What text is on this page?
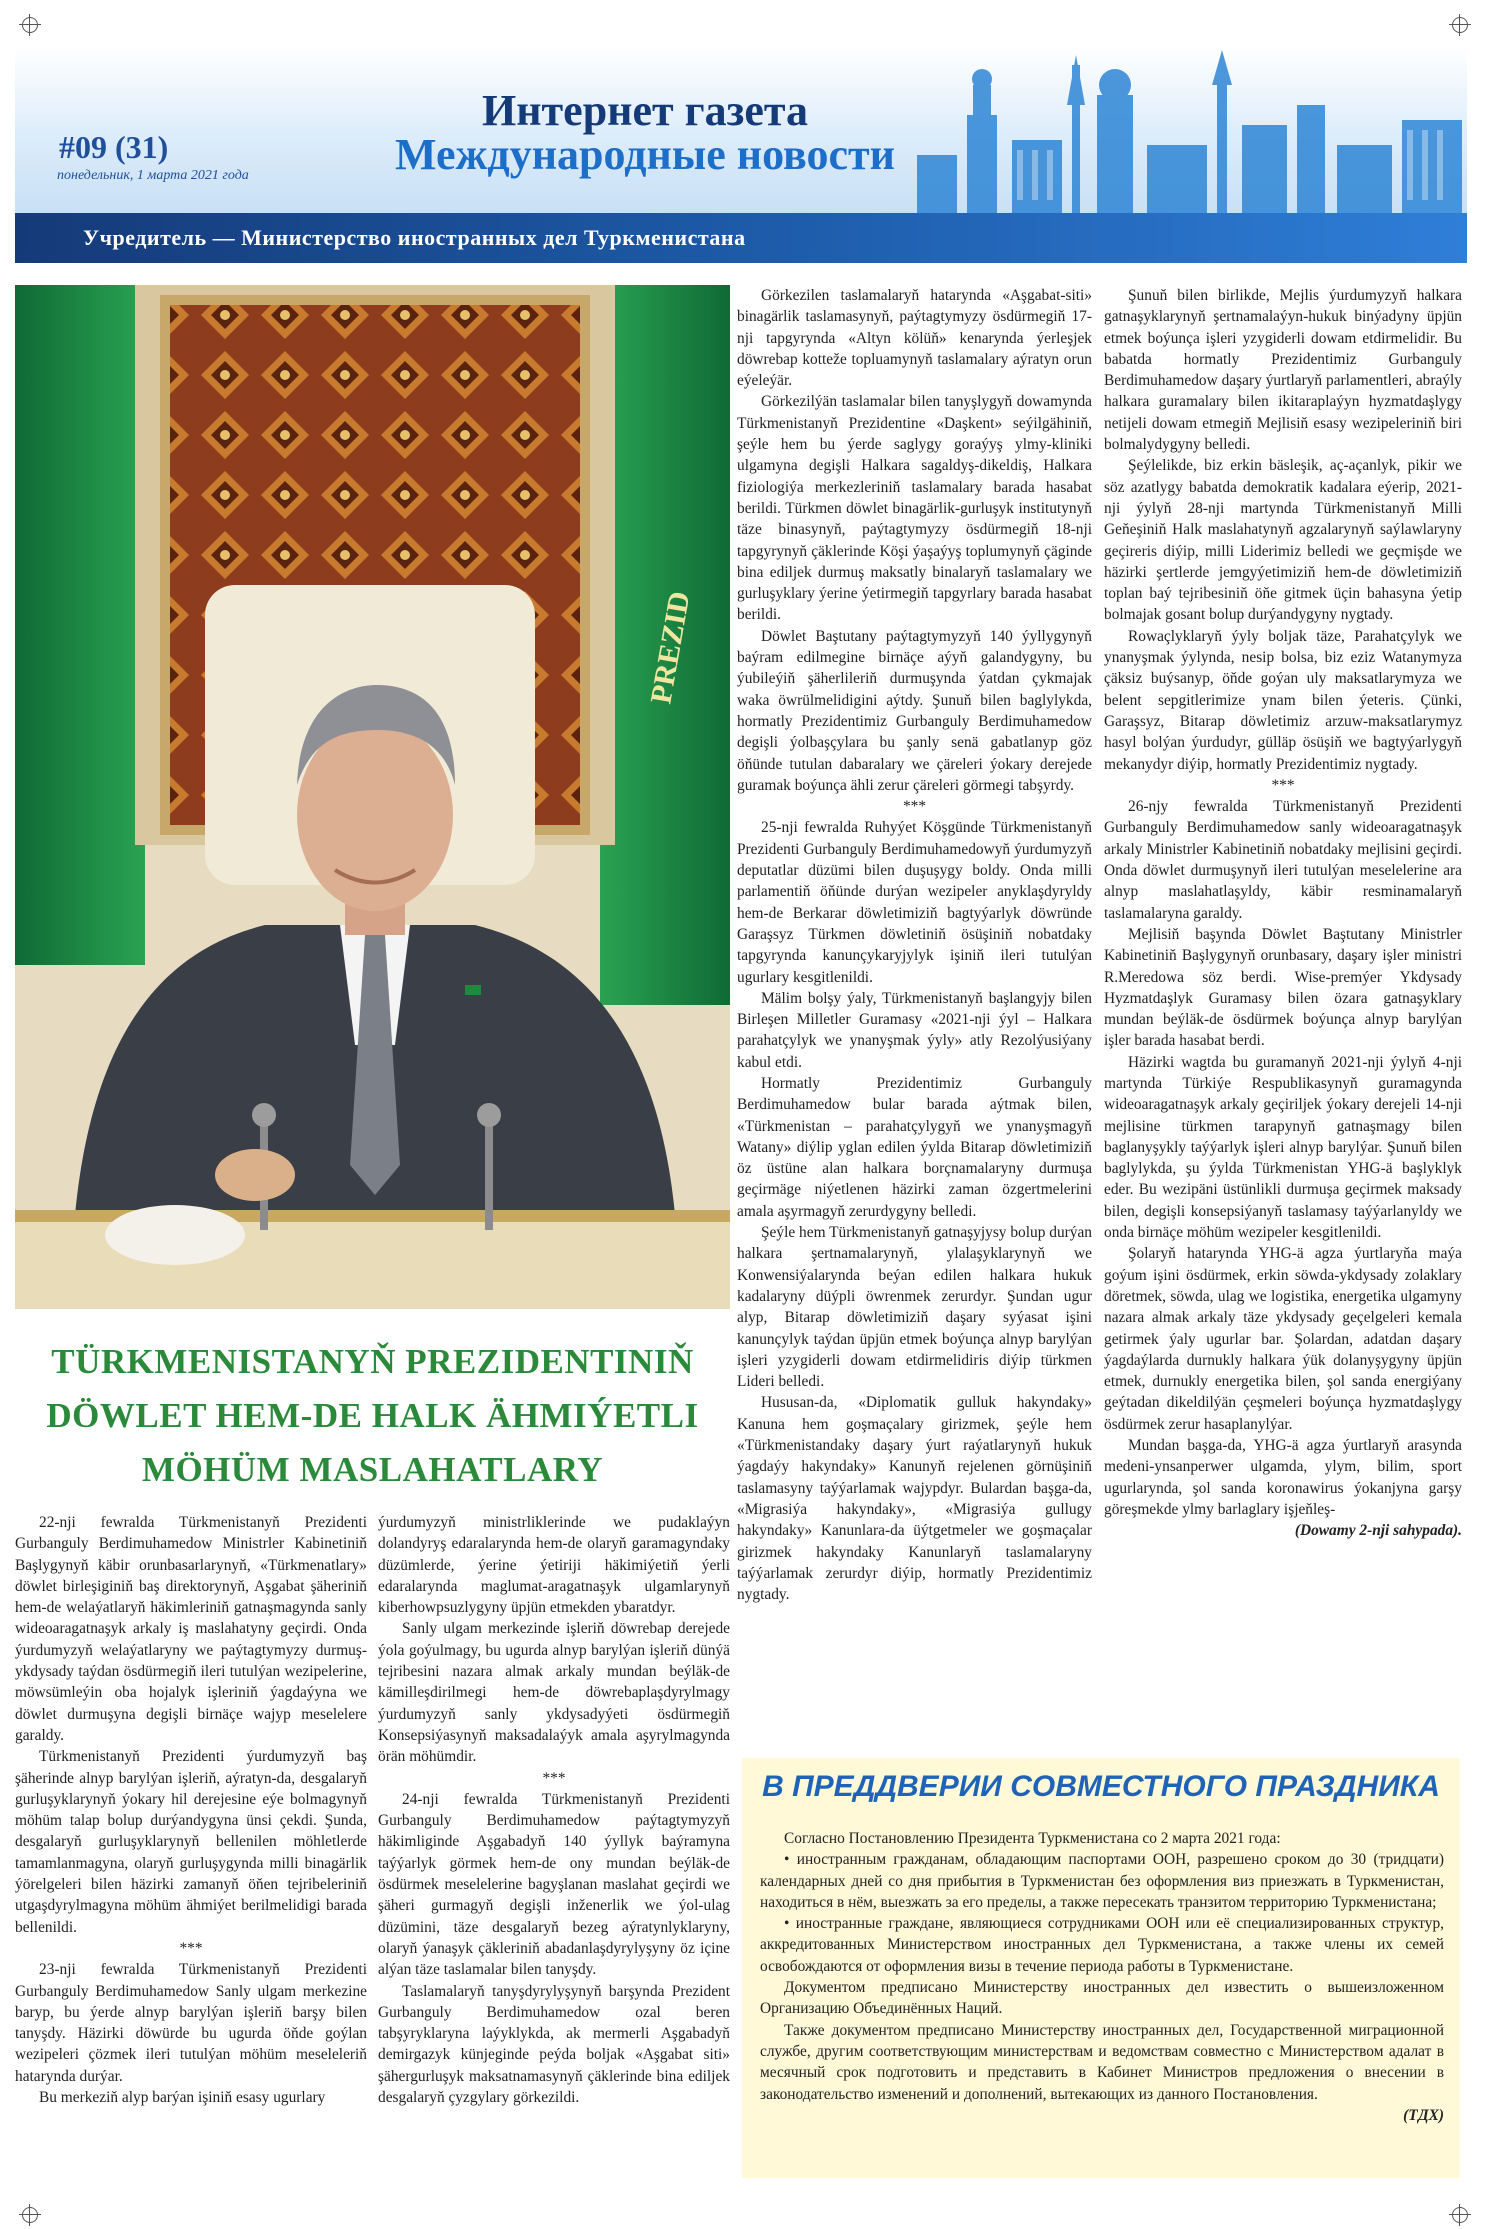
#09 (31)
понедельник, 1 марта 2021 года
Интернет газета
Международные новости
Учредитель — Министерство иностранных дел Туркменистана
PREZID
TÜRKMENISTANYŇ PREZIDENTINIŇ
DÖWLET HEM-DE HALK ÄHMIÝETLI
MÖHÜM MASLAHATLARY

22-nji fewralda Türkmenistanyň Prezidenti Gurbanguly Berdimuhamedow Ministrler Kabinetiniň Başlygynyň käbir orunbasarlarynyň, «Türkmenatlary» döwlet birleşiginiň baş direktorynyň, Aşgabat şäheriniň hem-de welaýatlaryň häkimleriniň gatnaşmagynda sanly wideoaragatnaşyk arkaly iş maslahatyny geçirdi. Onda ýurdumyzyň welaýatlaryny we paýtagtymyzy durmuş-ykdysady taýdan ösdürmegiň ileri tutulýan wezipelerine, möwsümleýin oba hojalyk işleriniň ýagdaýyna we döwlet durmuşyna degişli birnäçe wajyp meselelere garaldy.

Türkmenistanyň Prezidenti ýurdumyzyň baş şäherinde alnyp barylýan işleriň, aýratyn-da, desgalaryň gurluşyklarynyň ýokary hil derejesine eýe bolmagynyň möhüm talap bolup durýandygyna ünsi çekdi. Şunda, desgalaryň gurluşyklarynyň bellenilen möhletlerde tamamlanmagyna, olaryň gurluşygynda milli binagärlik ýörelgeleri bilen häzirki zamanyň öňen tejribeleriniň utgaşdyrylmagyna möhüm ähmiýet berilmelidigi barada bellenildi.

***

23-nji fewralda Türkmenistanyň Prezidenti Gurbanguly Berdimuhamedow Sanly ulgam merkezine baryp, bu ýerde alnyp barylýan işleriň barşy bilen tanyşdy. Häzirki döwürde bu ugurda öňde goýlan wezipeleri çözmek ileri tutulýan möhüm meseleleriň hatarynda durýar.

Bu merkeziň alyp barýan işiniň esasy ugurlary

ýurdumyzyň ministrliklerinde we pudaklaýyn dolandyryş edaralarynda hem-de olaryň garamagyndaky düzümlerde, ýerine ýetiriji häkimiýetiň ýerli edaralarynda maglumat-aragatnaşyk ulgamlarynyň kiberhowpsuzlygyny üpjün etmekden ybaratdyr.

Sanly ulgam merkezinde işleriň döwrebap derejede ýola goýulmagy, bu ugurda alnyp barylýan işleriň dünýä tejribesini nazara almak arkaly mundan beýläk-de kämilleşdirilmegi hem-de döwrebaplaşdyrylmagy ýurdumyzyň sanly ykdysadyýeti ösdürmegiň Konsepsiýasynyň maksadalaýyk amala aşyrylmagynda örän möhümdir.

***

24-nji fewralda Türkmenistanyň Prezidenti Gurbanguly Berdimuhamedow paýtagtymyzyň häkimliginde Aşgabadyň 140 ýyllyk baýramyna taýýarlyk görmek hem-de ony mundan beýläk-de ösdürmek meselelerine bagyşlanan maslahat geçirdi we şäheri gurmagyň degişli inženerlik we ýol-ulag düzümini, täze desgalaryň bezeg aýratynlyklaryny, olaryň ýanaşyk çäkleriniň abadanlaşdyrylyşyny öz içine alýan täze taslamalar bilen tanyşdy.

Taslamalaryň tanyşdyrylyşynyň barşynda Prezident Gurbanguly Berdimuhamedow ozal beren tabşyryklaryna laýyklykda, ak mermerli Aşgabadyň demirgazyk künjeginde peýda boljak «Aşgabat siti» şähergurluşyk maksatnamasynyň çäklerinde bina ediljek desgalaryň çyzgylary görkezildi.

Görkezilen taslamalaryň hatarynda «Aşgabat-siti» binagärlik taslamasynyň, paýtagtymyzy ösdürmegiň 17-nji tapgyrynda «Altyn kölüň» kenarynda ýerleşjek döwrebap kotteže topluamynyň taslamalary aýratyn orun eýeleýär.

Görkezilýän taslamalar bilen tanyşlygyň dowamynda Türkmenistanyň Prezidentine «Daşkent» seýilgähiniň, şeýle hem bu ýerde saglygy goraýyş ylmy-kliniki ulgamyna degişli Halkara sagaldyş-dikeldiş, Halkara fiziologiýa merkezleriniň taslamalary barada hasabat berildi. Türkmen döwlet binagärlik-gurluşyk institutynyň täze binasynyň, paýtagtymyzy ösdürmegiň 18-nji tapgyrynyň çäklerinde Köşi ýaşaýyş toplumynyň çäginde bina ediljek durmuş maksatly binalaryň taslamalary we gurluşyklary ýerine ýetirmegiň tapgyrlary barada hasabat berildi.

Döwlet Baştutany paýtagtymyzyň 140 ýyllygynyň baýram edilmegine birnäçe aýyň galandygyny, bu ýubileýiň şäherlileriň durmuşynda ýatdan çykmajak waka öwrülmelidigini aýtdy. Şunuň bilen baglylykda, hormatly Prezidentimiz Gurbanguly Berdimuhamedow degişli ýolbaşçylara bu şanly senä gabatlanyp göz öňünde tutulan dabaralary we çäreleri ýokary derejede guramak boýunça ähli zerur çäreleri görmegi tabşyrdy.

***

25-nji fewralda Ruhyýet Köşgünde Türkmenistanyň Prezidenti Gurbanguly Berdimuhamedowyň ýurdumyzyň deputatlar düzümi bilen duşuşygy boldy. Onda milli parlamentiň öňünde durýan wezipeler anyklaşdyryldy hem-de Berkarar döwletimiziň bagtyýarlyk döwründe Garaşsyz Türkmen döwletiniň ösüşiniň nobatdaky tapgyrynda kanunçykaryjylyk işiniň ileri tutulýan ugurlary kesgitlenildi.

Mälim bolşy ýaly, Türkmenistanyň başlangyjy bilen Birleşen Milletler Guramasy «2021-nji ýyl – Halkara parahatçylyk we ynanyşmak ýyly» atly Rezolýusiýany kabul etdi.

Hormatly Prezidentimiz Gurbanguly Berdimuhamedow bular barada aýtmak bilen, «Türkmenistan – parahatçylygyň we ynanyşmagyň Watany» diýlip yglan edilen ýylda Bitarap döwletimiziň öz üstüne alan halkara borçnamalaryny durmuşa geçirmäge niýetlenen häzirki zaman özgertmelerini amala aşyrmagyň zerurdygyny belledi.

Şeýle hem Türkmenistanyň gatnaşyjysy bolup durýan halkara şertnamalarynyň, ylalaşyklarynyň we Konwensiýalarynda beýan edilen halkara hukuk kadalaryny düýpli öwrenmek zerurdyr. Şundan ugur alyp, Bitarap döwletimiziň daşary syýasat işini kanunçylyk taýdan üpjün etmek boýunça alnyp barylýan işleri yzygiderli dowam etdirmelidiris diýip türkmen Lideri belledi.

Hususan-da, «Diplomatik gulluk hakyndaky» Kanuna hem goşmaçalary girizmek, şeýle hem «Türkmenistandaky daşary ýurt raýatlarynyň hukuk ýagdaýy hakyndaky» Kanunyň rejelenen görnüşiniň taslamasyny taýýarlamak wajypdyr. Bulardan başga-da, «Migrasiýa hakyndaky», «Migrasiýa gullugy hakyndaky» Kanunlara-da üýtgetmeler we goşmaçalar girizmek hakyndaky Kanunlaryň taslamalaryny taýýarlamak zerurdyr diýip, hormatly Prezidentimiz nygtady.

Şunuň bilen birlikde, Mejlis ýurdumyzyň halkara gatnaşyklarynyň şertnamalaýyn-hukuk binýadyny üpjün etmek boýunça işleri yzygiderli dowam etdirmelidir. Bu babatda hormatly Prezidentimiz Gurbanguly Berdimuhamedow daşary ýurtlaryň parlamentleri, abraýly halkara guramalary bilen ikitaraplaýyn hyzmatdaşlygy netijeli dowam etmegiň Mejlisiň esasy wezipeleriniň biri bolmalydygyny belledi.

Şeýlelikde, biz erkin bäsleşik, aç-açanlyk, pikir we söz azatlygy babatda demokratik kadalara eýerip, 2021-nji ýylyň 28-nji martynda Türkmenistanyň Milli Geňeşiniň Halk maslahatynyň agzalarynyň saýlawlaryny geçireris diýip, milli Liderimiz belledi we geçmişde we häzirki şertlerde jemgyýetimiziň hem-de döwletimiziň toplan baý tejribesiniň öňe gitmek üçin bahasyna ýetip bolmajak gosant bolup durýandygyny nygtady.

Rowaçlyklaryň ýyly boljak täze, Parahatçylyk we ynanyşmak ýylynda, nesip bolsa, biz eziz Watanymyza çäksiz buýsanyp, öňde goýan uly maksatlarymyza we belent sepgitlerimize ynam bilen ýeteris. Çünki, Garaşsyz, Bitarap döwletimiz arzuw-maksatlarymyz hasyl bolýan ýurdudyr, gülläp ösüşiň we bagtyýarlygyň mekanydyr diýip, hormatly Prezidentimiz nygtady.

***

26-njy fewralda Türkmenistanyň Prezidenti Gurbanguly Berdimuhamedow sanly wideoaragatnaşyk arkaly Ministrler Kabinetiniň nobatdaky mejlisini geçirdi. Onda döwlet durmuşynyň ileri tutulýan meselelerine ara alnyp maslahatlaşyldy, käbir resminamalaryň taslamalaryna garaldy.

Mejlisiň başynda Döwlet Baştutany Ministrler Kabinetiniň Başlygynyň orunbasary, daşary işler ministri R.Meredowa söz berdi. Wise-premýer Ykdysady Hyzmatdaşlyk Guramasy bilen özara gatnaşyklary mundan beýläk-de ösdürmek boýunça alnyp barylýan işler barada hasabat berdi.

Häzirki wagtda bu guramanyň 2021-nji ýylyň 4-nji martynda Türkiýe Respublikasynyň guramagynda wideoaragatnaşyk arkaly geçiriljek ýokary derejeli 14-nji mejlisine türkmen tarapynyň gatnaşmagy bilen baglanyşykly taýýarlyk işleri alnyp barylýar. Şunuň bilen baglylykda, şu ýylda Türkmenistan YHG-ä başlyklyk eder. Bu wezipäni üstünlikli durmuşa geçirmek maksady bilen, degişli konsepsiýanyň taslamasy taýýarlanyldy we onda birnäçe möhüm wezipeler kesgitlenildi.

Şolaryň hatarynda YHG-ä agza ýurtlaryňa maýa goýum işini ösdürmek, erkin söwda-ykdysady zolaklary döretmek, söwda, ulag we logistika, energetika ulgamyny nazara almak arkaly täze ykdysady geçelgeleri kemala getirmek ýaly ugurlar bar. Şolardan, adatdan daşary ýagdaýlarda durnukly halkara ýük dolanyşygyny üpjün etmek, durnukly energetika bilen, şol sanda energiýany geýtadan dikeldilýän çeşmeleri boýunça hyzmatdaşlygy ösdürmek zerur hasaplanylýar.

Mundan başga-da, YHG-ä agza ýurtlaryň arasynda medeni-ynsanperwer ulgamda, ylym, bilim, sport ugurlarynda, şol sanda koronawirus ýokanjyna garşy göreşmekde ylmy barlaglary işjeňleş-

(Dowamy 2-nji sahypada).

В ПРЕДДВЕРИИ СОВМЕСТНОГО ПРАЗДНИКА

Согласно Постановлению Президента Туркменистана со 2 марта 2021 года:

• иностранным гражданам, обладающим паспортами ООН, разрешено сроком до 30 (тридцати) календарных дней со дня прибытия в Туркменистан без оформления виз приезжать в Туркменистан, находиться в нём, выезжать за его пределы, а также пересекать транзитом территорию Туркменистана;

• иностранные граждане, являющиеся сотрудниками ООН или её специализированных структур, аккредитованных Министерством иностранных дел Туркменистана, а также члены их семей освобождаются от оформления визы в течение периода работы в Туркменистане.

Документом предписано Министерству иностранных дел известить о вышеизложенном Организацию Объединённых Наций.

Также документом предписано Министерству иностранных дел, Государственной миграционной службе, другим соответствующим министерствам и ведомствам совместно с Министерством адалат в месячный срок подготовить и представить в Кабинет Министров предложения о внесении в законодательство изменений и дополнений, вытекающих из данного Постановления.

(ТДХ)
